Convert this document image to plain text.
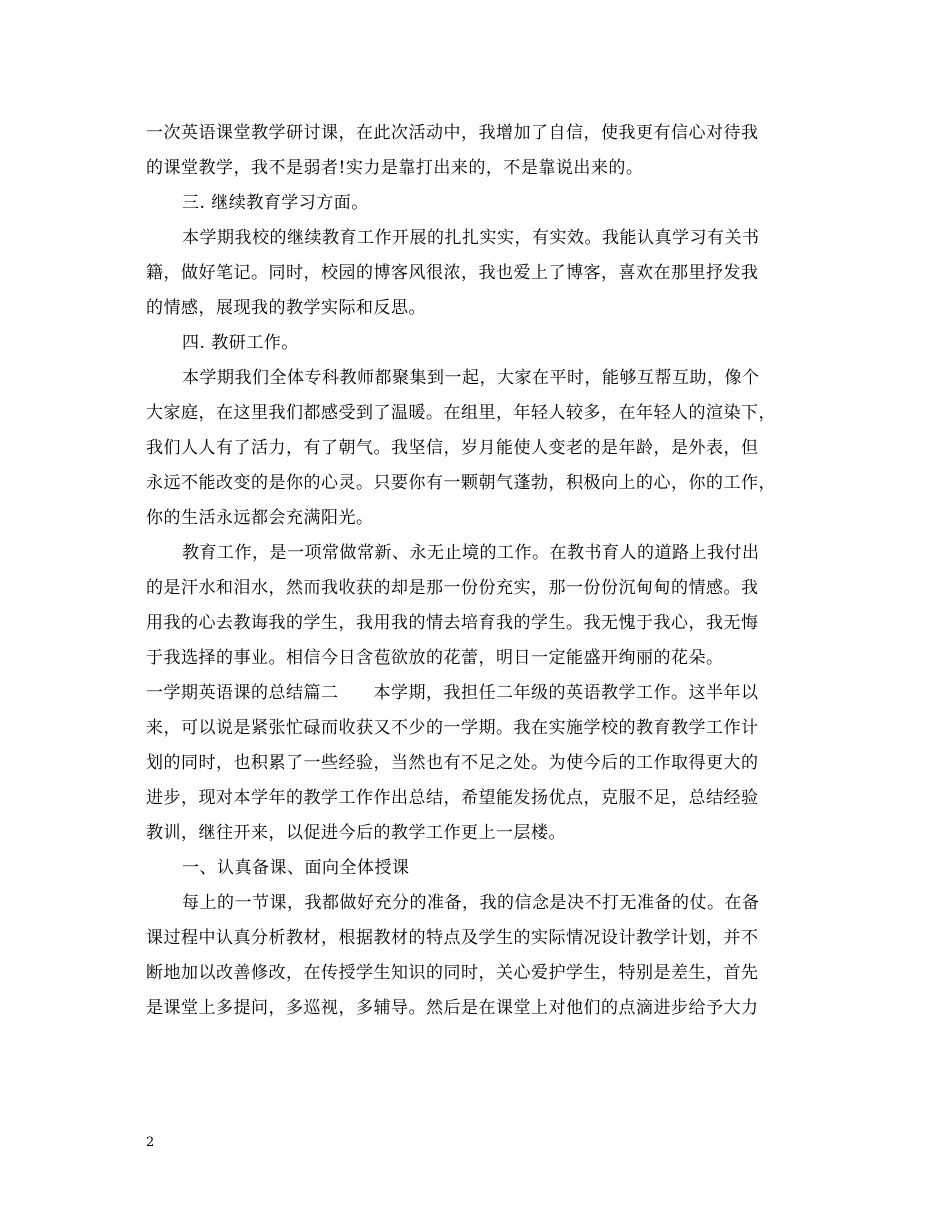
一次英语课堂教学研讨课，在此次活动中，我增加了自信，使我更有信心对待我
的课堂教学，我不是弱者!实力是靠打出来的，不是靠说出来的。
三. 继续教育学习方面。
本学期我校的继续教育工作开展的扎扎实实，有实效。我能认真学习有关书
籍，做好笔记。同时，校园的博客风很浓，我也爱上了博客，喜欢在那里抒发我
的情感，展现我的教学实际和反思。
四. 教研工作。
本学期我们全体专科教师都聚集到一起，大家在平时，能够互帮互助，像个
大家庭，在这里我们都感受到了温暖。在组里，年轻人较多，在年轻人的渲染下，
我们人人有了活力，有了朝气。我坚信，岁月能使人变老的是年龄，是外表，但
永远不能改变的是你的心灵。只要你有一颗朝气蓬勃，积极向上的心，你的工作，
你的生活永远都会充满阳光。
教育工作，是一项常做常新、永无止境的工作。在教书育人的道路上我付出
的是汗水和泪水，然而我收获的却是那一份份充实，那一份份沉甸甸的情感。我
用我的心去教诲我的学生，我用我的情去培育我的学生。我无愧于我心，我无悔
于我选择的事业。相信今日含苞欲放的花蕾，明日一定能盛开绚丽的花朵。
一学期英语课的总结篇二　　本学期，我担任二年级的英语教学工作。这半年以
来，可以说是紧张忙碌而收获又不少的一学期。我在实施学校的教育教学工作计
划的同时，也积累了一些经验，当然也有不足之处。为使今后的工作取得更大的
进步，现对本学年的教学工作作出总结，希望能发扬优点，克服不足，总结经验
教训，继往开来，以促进今后的教学工作更上一层楼。
一、认真备课、面向全体授课
每上的一节课，我都做好充分的准备，我的信念是决不打无准备的仗。在备
课过程中认真分析教材，根据教材的特点及学生的实际情况设计教学计划，并不
断地加以改善修改，在传授学生知识的同时，关心爱护学生，特别是差生，首先
是课堂上多提问，多巡视，多辅导。然后是在课堂上对他们的点滴进步给予大力
2
